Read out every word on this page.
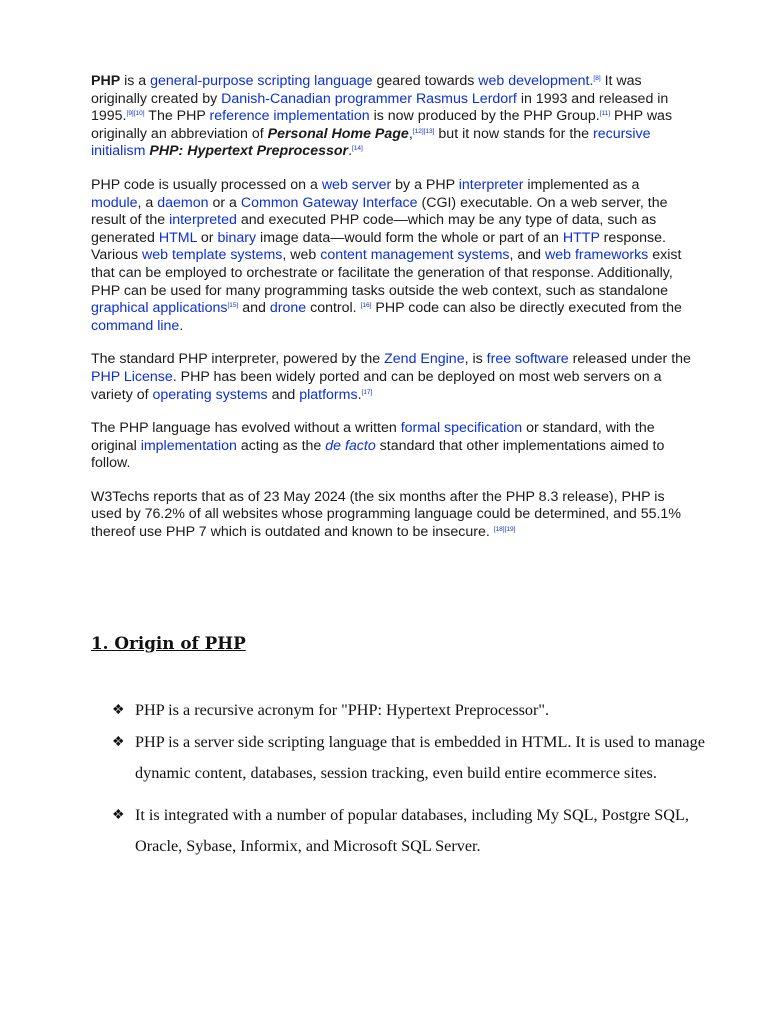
PHP is a general-purpose scripting language geared towards web development.[8] It was originally created by Danish-Canadian programmer Rasmus Lerdorf in 1993 and released in 1995.[9][10] The PHP reference implementation is now produced by the PHP Group.[11] PHP was originally an abbreviation of Personal Home Page,[12][13] but it now stands for the recursive initialism PHP: Hypertext Preprocessor.[14]

PHP code is usually processed on a web server by a PHP interpreter implemented as a module, a daemon or a Common Gateway Interface (CGI) executable. On a web server, the result of the interpreted and executed PHP code—which may be any type of data, such as generated HTML or binary image data—would form the whole or part of an HTTP response. Various web template systems, web content management systems, and web frameworks exist that can be employed to orchestrate or facilitate the generation of that response. Additionally, PHP can be used for many programming tasks outside the web context, such as standalone graphical applications[15] and drone control. [16] PHP code can also be directly executed from the command line.

The standard PHP interpreter, powered by the Zend Engine, is free software released under the PHP License. PHP has been widely ported and can be deployed on most web servers on a variety of operating systems and platforms.[17]

The PHP language has evolved without a written formal specification or standard, with the original implementation acting as the de facto standard that other implementations aimed to follow.

W3Techs reports that as of 23 May 2024 (the six months after the PHP 8.3 release), PHP is used by 76.2% of all websites whose programming language could be determined, and 55.1% thereof use PHP 7 which is outdated and known to be insecure. [18][19]

1. Origin of PHP
❖ PHP is a recursive acronym for "PHP: Hypertext Preprocessor".
❖ PHP is a server side scripting language that is embedded in HTML. It is used to manage dynamic content, databases, session tracking, even build entire ecommerce sites.
❖ It is integrated with a number of popular databases, including My SQL, Postgre SQL, Oracle, Sybase, Informix, and Microsoft SQL Server.
